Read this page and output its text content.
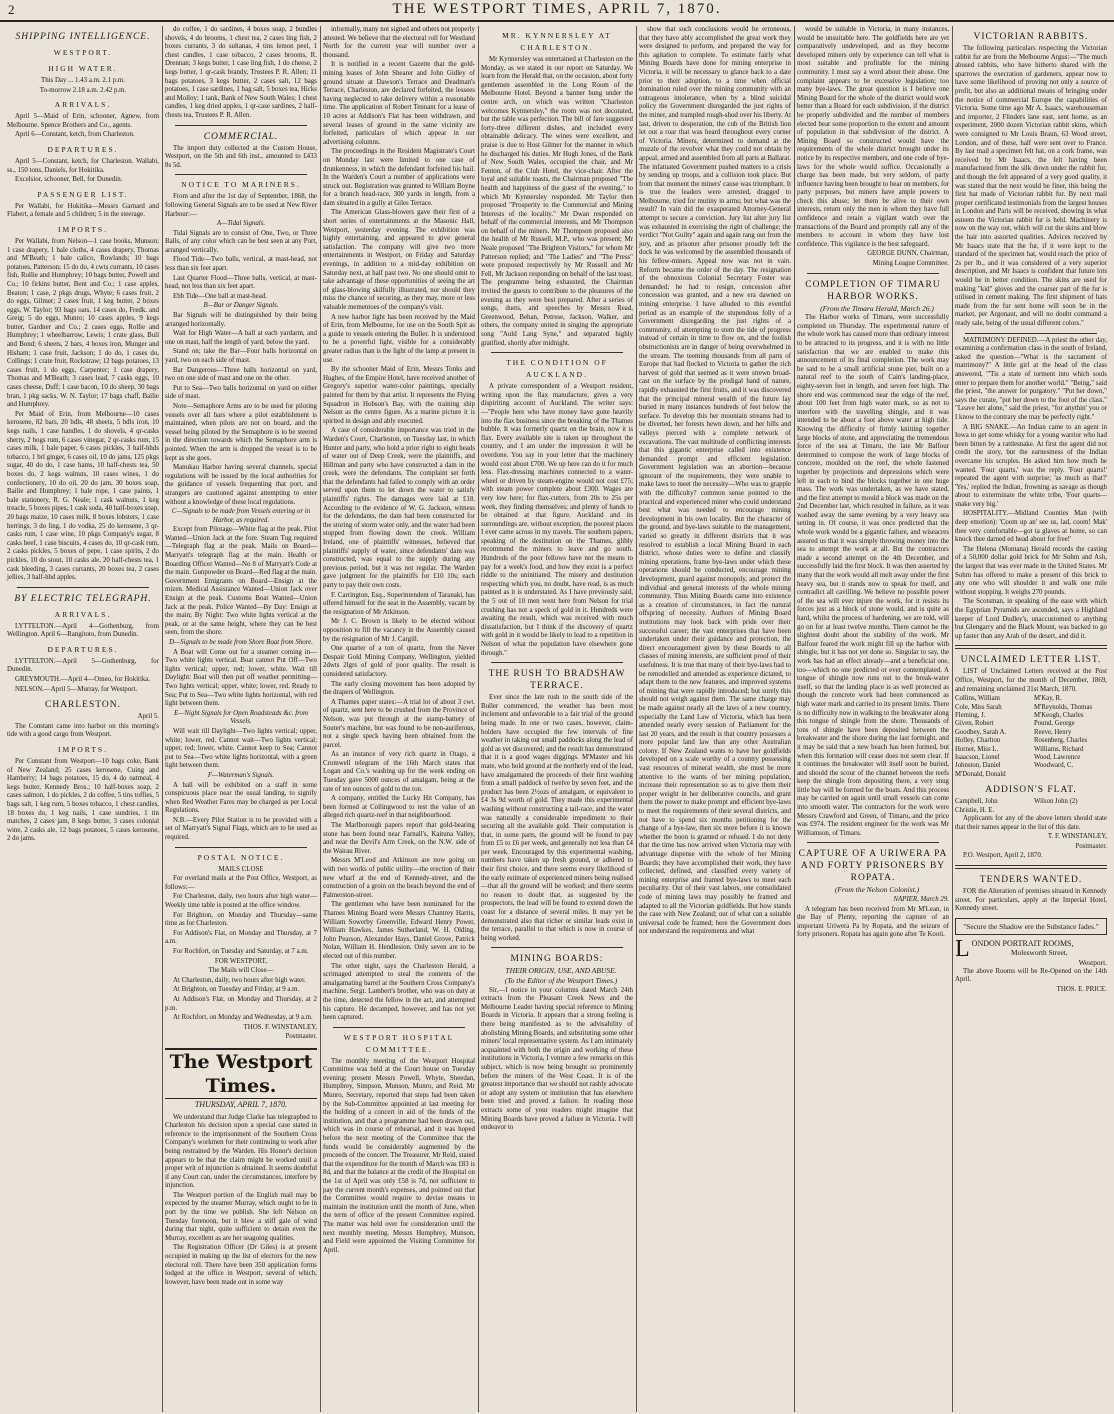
2	THE WESTPORT TIMES, APRIL 7, 1870.
SHIPPING INTELLIGENCE.
WESTPORT.
HIGH WATER.

This Day ... 1.43 a.m. 2.1 p.m.

To-morrow 2.18 a.m. 2.42 p.m.

ARRIVALS.

April 5—Maid of Erin, schooner, Agnew, from Melbourne. Spence Brothers and Co., agents.

April 6—Constant, ketch, from Charleston.

DEPARTURES.

April 5—Constant, ketch, for Charleston. Wallabi, ss., 150 tons, Daniels, for Hokitika.

Excelsior, schooner, Bell, for Dunedin.

PASSENGER LIST.

Per Wallabi, for Hokitika—Messrs Garnard and Flabert, a female and 5 children; 5 in the steerage.

IMPORTS.

Per Wallabi, from Nelson—1 case books, Munson; 1 case drapery, 1 bale cloths, 4 cases drapery, Thomas and M'Beath; 1 bale calico, Rowlands; 10 bags potatoes, Patterson; 15 do do, 4 cwts currants, 10 cases fish, Rollie and Humphrey; 10 bags butter, Powell and Co.; 10 firkins butter, Bent and Co.; 1 case apples, Beaton; 1 case, 2 pkgs drugs, Whyte; 6 cases fruit, 2 do eggs, Gilmer; 2 cases fruit, 1 keg butter, 2 boxes eggs, W. Taylor; 93 bags oats, 14 cases do, Fredk. and Greig; 5 do eggs, Munro; 10 cases apples, 9 kegs butter, Gardner and Co.; 2 cases eggs, Rollie and Humphrey; 1 wheelbarrow, Lewis; 1 crate glass, Bull and Bond; 6 sheets, 2 bars, 4 boxes iron, Munger and Hisham; 1 case fruit, Jackson; 1 do do, 1 cases do, Collings; 1 crate fruit, Rockstraw; 12 bags potatoes, 13 cases fruit, 1 do eggs, Carpenter; 1 case drapery, Thomas and M'Beath; 3 cases lead, 7 casks eggs, 10 cases cheese, Duff; 1 case bacon, 10 do sheep, 30 bags bran, 1 pkg sacks, W. N. Taylor; 17 bags chaff, Bailie and Humphrey.

Per Maid of Erin, from Melbourne—10 cases kerosene, 82 bars, 20 bdls, 48 sheets, 5 bdls iron, 10 kegs nails, 1 case handles, 1 do shovels, 4 qr-casks sherry, 2 hogs rum, 6 cases vinegar, 2 qr-casks rum, 15 cases milk, 1 bale paper, 6 cases pickles, 3 half-hhds tobacco, 1 brl ginger, 6 cases oil, 10 do jams, 125 pkgs sugar, 40 do do, 1 case hams, 10 half-chests tea, 50 boxes do, 2 kegs walnuts, 10 cases wines, 1 do confectionery, 10 do oil, 20 do jam, 30 boxes soap, Bailie and Humphrey; 1 bale rope, 1 case paints, 1 bale stationery, R. G. Neale; 1 cask walnuts, 1 keg treacle, 5 boxes pipes, 1 cask soda, 40 half-boxes soap, 20 bags maize, 10 cases milk, 8 boxes lobsters, 1 case herrings, 3 do ling, 1 do vodka, 25 do kerosene, 3 qr-casks rum, 1 case wine, 10 pkgs Company's sugar, 8 casks beef, 1 case biscuits, 4 cases do, 10 qr-cask rum, 2 casks pickles, 5 boxes of pepe, 1 case spirits, 2 do pickles, 10 do stout, 10 casks ale, 20 half-chests tea, 1 cask bleeding, 3 cases currants, 20 boxes tea, 2 cases jellies, 3 half-hhd apples.

BY ELECTRIC TELEGRAPH.
ARRIVALS.

LYTTELTON.—April 4—Gothenburg, from Wellington. April 6—Rangitoto, from Dunedin.

DEPARTURES.

LYTTELTON.—April 5—Gothenburg, for Dunedin.

GREYMOUTH.—April 4—Omeo, for Hokitika.

NELSON.—April 5—Murray, for Westport.

CHARLESTON.

April 5.

The Constant came into harbor on this morning's tide with a good cargo from Westport.

IMPORTS.

Per Constant from Westport—10 bags coke, Bank of New Zealand; 25 cases kerosene, Cuing and Hamberry; 14 bags potatoes, 15 do, 4 do oatmeal, 4 kegs butter, Kennedy Bros.; 10 half-boxes soap, 2 cases salmon, 1 do pickles, 2 do coffee, 5 tins toffies, 5 bags salt, 1 keg rum, 5 boxes tobacco, 1 chest candles, 18 boxes do, 1 keg nails, 1 case sundries, 1 tin matches, 2 cases jam, 8 kegs butter, 3 cases colonial wine, 2 casks ale, 12 bags potatoes, 5 cases kerosene, 2 do jams.

do coffee, 1 do sardines, 4 boxes soap, 2 bundles shovels, 4 do brooms, 1 chest tea, 2 cases ling fish, 2 boxes currants, 3 do sultanas, 4 tins lemon peel, 1 chest candles, 1 case tobacco, 2 cases brooms, R. Drennan; 3 kegs butter, 1 case ling fish, 1 do cheese, 2 kegs butter, 1 qr-cask brandy, Trustees P. R. Allen; 11 bags potatoes, 3 kegs butter, 2 cases salt, 12 bags potatoes, 1 case sardines, 1 bag salt, 5 boxes tea, Hicks and Molloy; 1 tank, Bank of New South Wales; 1 chest candles, 1 keg dried apples, 1 qr-case sardines, 2 half-chests tea, Trustees P. R. Allen.

COMMERCIAL.

The import duty collected at the Custom House, Westport, on the 5th and 6th inst., amounted to £433 8s 5d.

NOTICE TO MARINERS.

From and after the 1st day of September, 1868, the following General Signals are to be used at New River Harbour:—

A—Tidal Signals.

Tidal Signals are to consist of One, Two, or Three Balls, of any color which can be best seen at any Port, arranged vertically.

Flood Tide—Two balls, vertical, at mast-head, not less than six feet apart.

Last Quarter Flood—Three balls, vertical, at mast-head, not less than six feet apart.

Ebb Tide—One ball at mast-head.

B—Bar or Danger Signals.

Bar Signals will be distinguished by their being arranged horizontally.

Wait for High Water—A ball at each yardarm, and one on mast, half the length of yard, below the yard.

Stand on; take the Bar—Four balls horizontal on yard, two on each side of mast.

Bar Dangerous—Three balls horizontal on yard, two on one side of mast and one on the other.

Put to Sea—Two balls horizontal on yard on either side of mast.

Note—Semaphore Arms are to be used for piloting vessels over all bars where a pilot establishment is maintained, when pilots are not on board, and the vessel being piloted by the Semaphore is to be steered in the direction towards which the Semaphore arm is pointed. When the arm is dropped the vessel is to be kept as she goes.

Manukau Harbor having several channels, special regulations will be issued by the local authorities for the guidance of vessels frequenting that port, and strangers are cautioned against attempting to enter without a knowledge of these local regulations.

C—Signals to be made from Vessels entering or in Harbor, as required.

Except from Pilotage—White flag at the peak. Pilot Wanted—Union Jack at the fore. Steam Tug required—Telegraph flag at the peak. Mails on Board—Marryatt's telegraph flag at the main. Health or Boarding Officer Wanted—No 8 of Marryatt's Code at the main. Gunpowder on Board—Red flag at the main. Government Emigrants on Board—Ensign at the mizen. Medical Assistance Wanted—Union Jack over Ensign at the peak. Customs Boat Wanted—Union Jack at the peak. Police Wanted—By Day: Ensign at the main; By Night: Two white lights vertical at the peak, or at the same height, where they can be best seen, from the shore.

D—Signals to be made from Shore Boat from Shore.

A Boat will Come out for a steamer coming in—Two white lights vertical. Boat cannot Put Off—Two lights vertical; upper, red; lower, white. Wait till Daylight: Boat will then put off weather permitting—Two lights vertical; upper, white; lower, red. Ready to Sea; Put to Sea—Two white lights horizontal, with red light between them.

E—Night Signals for Open Roadsteads &c. from Vessels.

Will wait till Daylight—Two lights vertical; upper, white; lower, red. Cannot wait—Two lights vertical; upper, red; lower, white. Cannot keep to Sea; Cannot put to Sea—Two white lights horizontal, with a green light between them.

F—Waterman's Signals.

A ball will be exhibited on a staff in some conspicuous place near the usual landing, to signify when Red Weather Fares may be charged as per Local Regulations.

N.B.—Every Pilot Station is to be provided with a set of Marryatt's Signal Flags, which are to be used as required.

POSTAL NOTICE.

MAILS CLOSE

For overland mails at the Post Office, Westport, as follows:—

For Charleston, daily, two hours after high water—Weekly time table is posted at the office window.

For Brighton, on Monday and Thursday—same time as for Charleston.

For Addison's Flat, on Monday and Thursday, at 7 a.m.

For Rochfort, on Tuesday and Saturday, at 7 a.m.

FOR WESTPORT,

The Mails will Close—

At Charleston, daily, two hours after high water.

At Brighton, on Tuesday and Friday, at 9 a.m.

At Addison's Flat, on Monday and Thursday, at 2 p.m.

At Rochfort, on Monday and Wednesday, at 9 a.m.

THOS. F. WINSTANLEY,

Postmaster.

The Westport Times.
THURSDAY, APRIL 7, 1870.

We understand that Judge Clarke has telegraphed to Charleston his decision upon a special case stated in reference to the imprisonment of the Southern Cross Company's workmen for their continuing to work after being restrained by the Warden. His Honor's decision appears to be that the claim might be worked until a proper writ of injunction is obtained. It seems doubtful if any Court can, under the circumstances, interfere by injunction.

The Westport portion of the English mail may be expected by the steamer Murray, which ought to be in port by the time we publish. She left Nelson on Tuesday forenoon, but it blew a stiff gale of wind during that night, quite sufficient to detain even the Murray, excellent as are her seagoing qualities.

The Registration Officer (Dr Giles) is at present occupied in making up the list of electors for the new electoral roll. There have been 350 application forms lodged at the office in Westport, several of which, however, have been made out in some way

informally, many not signed and others not properly attested. We believe that the electoral roll for Westland North for the current year will number over a thousand.

It is notified in a recent Gazette that the gold-mining leases of John Shearer and John Gidley of ground situate at Dawson's Terrace and Deadman's Terrace, Charleston, are declared forfeited, the lessees having neglected to take delivery within a reasonable time. The application of Robert Tennant for a lease of 10 acres at Addison's Flat has been withdrawn, and several leases of ground in the same vicinity are forfeited, particulars of which appear in our advertising columns.

The proceedings in the Resident Magistrate's Court on Monday last were limited to one case of drunkenness, in which the defendant forfeited his bail. In the Warden's Court a number of applications were struck out. Registration was granted to William Boyne for a branch head-race, 300 yards in length, from a dam situated in a gully at Giles Terrace.

The American Glass-blowers gave their first of a short series of entertainments at the Masonic Hall, Westport, yesterday evening. The exhibition was highly entertaining, and appeared to give general satisfaction. The company will give two more entertainments in Westport, on Friday and Saturday evenings, in addition to a mid-day exhibition on Saturday next, at half past two. No one should omit to take advantage of these opportunities of seeing the art of glass-blowing skilfully illustrated, nor should they miss the chance of securing, as they may, more or less valuable mementoes of the company's visit.

A new harbor light has been received by the Maid of Erin, from Melbourne, for use on the South Spit as a guide to vessels entering the Buller. It is understood to be a powerful light, visible for a considerably greater radius than is the light of the lamp at present in use.

By the schooner Maid of Erin, Messrs Tonks and Hughes, of the Empire Hotel, have received another of Gregory's superior water-color paintings, specially painted for them by that artist. It represents the Flying Squadron in Hobson's Bay, with the training ship Nelson as the centre figure. As a marine picture it is spirited in design and ably executed.

A case of considerable importance was tried in the Warden's Court, Charleston, on Tuesday last, in which Hunter and party, who hold a prior right to eight heads of water out of Deep Creek, were the plaintiffs, and Hillman and party who have constructed a dam in the creek, were the defendants. The complaint set forth that the defendants had failed to comply with an order served upon them to let down the water to satisfy plaintiffs' rights. The damages were laid at £18. According to the evidence of W. G. Jackson, witness for the defendants, the dam had been constructed for the storing of storm water only, and the water had been stopped from flowing down the creek. William Ireland, one of plaintiffs' witnesses, believed that plaintiffs' supply of water, since defendants' dam was constructed, was equal to the supply during any previous period, but it was not regular. The Warden gave judgment for the plaintiffs for £10 10s; each party to pay their own costs.

F. Carrington, Esq., Superintendent of Taranaki, has offered himself for the seat in the Assembly, vacant by the resignation of Mr Atkinson.

Mr J. C. Brown is likely to be elected without opposition to fill the vacancy in the Assembly caused by the resignation of Mr J. Cargill.

One quarter of a ton of quartz, from the Never Despair Gold Mining Company, Wellington, yielded 2dwts 2lgrs of gold of poor quality. The result is considered satisfactory.

The early closing movement has been adopted by the drapers of Wellington.

A Thames paper states:—A trial lot of about 3 cwt. of quartz, sent here to be crushed from the Province of Nelson, was put through at the stamp-battery of Souter's machine, but was found to be non-auriferous, not a single speck having been obtained from the parcel.

As an instance of very rich quartz in Otago, a Cromwell telegram of the 16th March states that Logan and Co.'s washing up for the week ending on Tuesday gave 5000 ounces of amalgam, being at the rate of ten ounces of gold to the ton.

A company, entitled the Lucky Hit Company, has been formed at Collingwood to test the value of an alleged rich quartz-reef in that neighbourhood.

The Marlborough papers report that gold-bearing stone has been found near Farnall's, Kaituna Valley, and near the Devil's Arm Creek, on the N.W. side of the Wairau River.

Messrs M'Leod and Atkinson are now going on with two works of public utility—the erection of their new wharf at the end of Kennedy-street, and the construction of a groin on the beach beyond the end of Palmerston-street.

The gentlemen who have been nominated for the Thames Mining Board were Messrs Chantrey Harris, William Sowerby Greenville, Edward Henry Power, William Hawkes, James Sutherland, W. H. Olding, John Pearson, Alexander Hays, Daniel Grove, Patrick Nolan, William H. Hendlesion. Only seven are to be elected out of this number.

The other night, says the Charleston Herald, a scrimaged attempted to steal the contents of the amalgamating barrel at the Southern Cross Company's machine. Sergt. Lambert's brother, who was on duty at the time, detected the fellow in the act, and attempted his capture. He decamped, however, and has not yet been captured.

WESTPORT HOSPITAL COMMITTEE.

The monthly meeting of the Westport Hospital Committee was held at the Court house on Tuesday evening; present Messrs Powell, Whyte, Sheedan, Humphrey, Simpson, Munson, Munro, and Reid. Mr Munro, Secretary, reported that steps had been taken by the Sub-Committee appointed at last meeting for the holding of a concert in aid of the funds of the institution, and that a programme had been drawn out, which was in course of rehearsal, and it was hoped before the next meeting of the Committee that the funds would be considerably augmented by the proceeds of the concert. The Treasurer, Mr Reid, stated that the expenditure for the month of March was £83 is 8d, and that the balance at the credit of the Hospital on the 1st of April was only £58 is 7d, not sufficient to pay the current month's expenses, and pointed out that the Committee would require to devise means to maintain the institution until the month of June, when the term of office of the present Committee expired. The matter was held over for consideration until the next monthly meeting. Messrs Humphrey, Munson, and Field were appointed the Visiting Committee for April.

MR. KYNNERSLEY AT CHARLESTON.

Mr Kynnersley was entertained at Charleston on the Monday, as we stated in our report on Saturday. We learn from the Herald that, on the occasion, about forty gentlemen assembled in the Long Room of the Melbourne Hotel. Beyond a banner hung under the centre arch, on which was written "Charleston welcomes Kynnersley," the room was not decorated, but the table was perfection. The bill of fare suggested forty-three different dishes, and included every obtainable delicacy. The wines were excellent, and praise is due to Host Gilmer for the manner in which he discharged his duties. Mr Hugh Jones, of the Bank of New South Wales, occupied the chair, and Mr Fenton, of the Club Hotel, the vice-chair. After the loyal and suitable toasts, the Chairman proposed "The health and happiness of the guest of the evening," to which Mr Kynnersley responded. Mr Taylor then proposed "Prosperity to the Commercial and Mining Interests of the locality." Mr Dwan responded on behalf of the commercial interests, and Mr Thompson on behalf of the miners. Mr Thompson proposed also the health of Mr Russell, M.P., who was present; Mr Neale proposed "The Brighton Visitors," for whom Mr Patterson replied; and "The Ladies" and "The Press" were proposed respectively by Mr Russell and Mr Fell, Mr Jackson responding on behalf of the last toast. The programme being exhausted, the Chairman invited the guests to contribute to the pleasures of the evening as they were best prepared. After a series of songs, duets, and speeches by Messrs Read, Greenwood, Behan, Petrese, Jackson, Walker, and others, the company united in singing the appropriate song "Auld Lang Syne," and separated highly gratified, shortly after midnight.

THE CONDITION OF AUCKLAND.

A private correspondent of a Westport resident, writing upon the flax manufacture, gives a very dispiriting account of Auckland. The writer says:—"People here who have money have gone heavily into the flax business since the breaking of the Thames bubble. It was formerly quartz on the brain, now it is flax. Every available site is taken up throughout the country, and I am under the impression it will be overdone. You say in your letter that the machinery would cost about £700. We up here can do it for much less. Flax-dressing machines connected to a water-wheel or driven by steam-engine would not cost £75; with steam power complete about £300. Wages are very low here; for flax-cutters, from 20s to 25s per week, they finding themselves; and plenty of hands to be obtained at that figure. Auckland and its surroundings are, without exception, the poorest places I ever came across in my travels. The southern papers, speaking of the destitution on the Thames, glibly recommend the miners to leave and go south. Hundreds of the poor fellows have not the means to pay for a week's food, and how they exist is a perfect riddle to the uninitiated. The misery and destitution respecting which you, no doubt, have read, is as much painted as it is understated. As I have previously said, the 5 out of 10 men went here from Nelson for trial crushing has not a speck of gold in it. Hundreds were awaiting the result, which was received with much dissatisfaction, but I think if the discovery of quartz with gold in it would be likely to lead to a repetition in Nelson of what the population have elsewhere gone through."

THE RUSH TO BRADSHAW TERRACE.

Ever since the late rush to the south side of the Buller commenced, the weather has been most inclement and unfavorable to a fair trial of the ground being made. In one or two cases, however, claim-holders have occupied the few intervals of fine weather in taking out small paddocks along the lead of gold as yet discovered; and the result has demonstrated that it is a good wages diggings. M'Master and his mate, who hold ground at the northerly end of the lead, have amalgamated the proceeds of their first washing from a small paddock of twelve by seven feet, and the product has been 2½ozs of amalgam, or equivalent to £4 3s 9d worth of gold. They made this experimental washing without constructing a tail-race, and the water was naturally a considerable impediment to their securing all the available gold. Their computation is that, in some parts, the ground will be found to pay from £5 to £6 per week, and generally not less than £4 per week. Encouraged by this experimental washing, numbers have taken up fresh ground, or adhered to their first choice, and there seems every likelihood of the early estimate of experienced miners being realised—that all the ground will be worked; and there seems no reason to doubt that, as suggested by the prospectors, the lead will be found to extend down the coast for a distance of several miles. It may yet be demonstrated also that richer or similar leads exist in the terrace, parallel to that which is now in course of being worked.

MINING BOARDS:

THEIR ORIGIN, USE, AND ABUSE.

(To the Editor of the Westport Times.)

Sir,—I notice in your columns dated March 24th extracts from the Pleasant Creek News and the Melbourne Leader having special reference to Mining Boards in Victoria. It appears that a strong feeling is there being manifested as to the advisability of abolishing Mining Boards, and substituting some other miners' local representative system. As I am intimately acquainted with both the origin and working of these institutions in Victoria, I venture a few remarks on this subject, which is now being brought so prominently before the miners of the West Coast. It is of the greatest importance that we should not rashly advocate or adopt any system or institution that has elsewhere been tried and proved a failure. In reading those extracts some of your readers might imagine that Mining Boards have proved a failure in Victoria. I will endeavor to

show that such conclusions would be erroneous, that they have ably accomplished the great work they were designed to perform, and prepared the way for this agitation to complete. To estimate fairly what Mining Boards have done for mining enterprise in Victoria, it will be necessary to glance back to a date prior to their adoption, to a time when official domination ruled over the mining community with an outrageous intolerance, when by a blind suicidal policy the Government disregarded the just rights of the miner, and trampled rough-shod over his liberty. At last, driven to desperation, the cub of the British lion let out a roar that was heard throughout every corner of Victoria. Miners, determined to demand at the muzzle of the revolver what they could not obtain by appeal, armed and assembled from all parts at Ballarat. The infatuated Government pushed matters to a crisis by sending up troops, and a collision took place. But from that moment the miners' cause was triumphant. It is true the leaders were arrested, dragged to Melbourne, tried for mutiny in arms; but what was the result? In vain did the exasperated Attorney-General attempt to secure a conviction. Jury list after jury list was exhausted in exercising the right of challenge; the verdict "Not Guilty" again and again rang out from the jury, and as prisoner after prisoner proudly left the dock he was welcomed by the assembled thousands of his fellow-miners. Appeal now was not in vain. Reform became the order of the day. The resignation of the obnoxious Colonial Secretary Foster was demanded; he had to resign, concession after concession was granted, and a new era dawned on mining enterprise. I have alluded to this eventful period as an example of the stupendous folly of a Government disregarding the just rights of a community, of attempting to stem the tide of progress instead of certain in time to flow on, and the foolish obstructionists are in danger of being overwhelmed in the stream. The teeming thousands from all parts of Europe that had flocked to Victoria to gather the rich harvest of gold that seemed as it were strewn broad-cast on the surface by the prodigal hand of nature, rapidly exhausted the first fruits, and it was discovered that the principal mineral wealth of the future lay buried in many instances hundreds of feet below the surface. To develop this her mountain streams had to be diverted, her forests hewn down, and her hills and valleys pierced with a complete network of excavations. The vast multitude of conflicting interests that this gigantic enterprise called into existence demanded prompt and efficient legislation. Government legislation was an abortion—because ignorant of the requirements, they were unable to make laws to meet the necessity—Who was to grapple with the difficulty? common sense pointed to the practical and experienced miner who could understand best what was needed to encourage mining development in his own locality. But the character of the ground, and bye-laws suitable to the management, varied so greatly in different districts that it was resolved to establish a local Mining Board in each district, whose duties were to define and classify mining operations, frame bye-laws under which these operations should be conducted, encourage mining development, guard against monopoly, and protect the individual and general interests of the whole mining community. Thus Mining Boards came into existence as a creation of circumstances, in fact the natural offspring of necessity. Authors of Mining Board institutions may look back with pride over their successful career; the vast enterprises that have been undertaken under their guidance and protection, the direct encouragement given by these Boards to all classes of mining interests, are sufficient proof of their usefulness. It is true that many of their bye-laws had to be remodelled and amended as experience dictated, to adapt them to the new features, and improved systems of mining that were rapidly introduced; but surely this should not weigh against them. The same charge may be made against nearly all the laws of a new country, especially the Land Law of Victoria, which has been amended nearly every session of Parliament for the last 20 years, and the result is that country possesses a more popular land law than any other Australian colony. If New Zealand wants to have her goldfields developed on a scale worthy of a country possessing vast resources of mineral wealth, she must be more attentive to the wants of her mining population, increase their representation so as to give them their proper weight in her deliberative councils, and grant them the power to make prompt and efficient bye-laws to meet the requirements of their several districts, and not have to spend six months petitioning for the change of a bye-law, then six more before it is known whether the boon is granted or refused. I do not deny that the time has now arrived when Victoria may with advantage dispense with the whole of her Mining Boards; they have accomplished their work, they have collected, defined, and classified every variety of mining enterprise and framed bye-laws to meet each peculiarity. Out of their vast labors, one consolidated code of mining laws may possibly be framed and adapted to all the Victorian goldfields. But how stands the case with New Zealand; out of what can a suitable universal code be framed; here the Government does not understand the requirements and what

would be suitable in Victoria, in many instances, would be unsuitable here. The goldfields here are yet comparatively undeveloped, and as they become developed miners only by experience can tell what is most suitable and profitable for the mining community. I must say a word about their abuse. One complaint appears to be excessive legislation; too many bye-laws. The great question is I believe one Mining Board for the whole of the district would work better than a Board for each subdivision, if the district be properly subdivided and the number of members elected bear some proportion to the extent and amount of population in that subdivision of the district. A Mining Board so constructed would have the requirements of the whole district brought under its notice by its respective members, and one code of bye-laws for the whole would suffice. Occasionally a charge has been made, but very seldom, of party influence having been brought to bear on members, for party purposes, but miners have ample powers to check this abuse; let them be alive to their own interests, return only the men in whom they have full confidence and retain a vigilant watch over the transactions of the Board and promptly call any of the members to account in whom they have lost confidence. This vigilance is the best safeguard.

GEORGE DUNN, Chairman,

Mining League Committee.

COMPLETION OF TIMARU HARBOR WORKS.

(From the Timaru Herald, March 26.)

The Harbor works of Timaru, were successfully completed on Thursday. The experimental nature of the whole work has caused more than ordinary interest to be attracted to its progress, and it is with no little satisfaction that we are enabled to make this announcement of its final completion. The work may be said to be a small artificial stone pier, built on a natural reef to the south of Cain's landing-place, eighty-seven feet in length, and seven feet high. The shore end was commenced near the edge of the reef, about 100 feet from high water mark, so as not to interfere with the travelling shingle, and it was intended to be about a foot above water at high tide. Knowing the difficulty of firmly knitting together large blocks of stone, and appreciating the tremendous force of the sea at Timaru, the late Mr Balfour determined to compose the work of large blocks of concrete, moulded on the reef, the whole fastened together by projections and depressions which were left in each to bind the blocks together in one huge mass. The work was undertaken, as we have stated, and the first attempt to mould a block was made on the 2nd December last, which resulted in failure, as it was washed away the same evening by a very heavy sea setting in. Of course, it was once predicted that the whole work would be a gigantic failure, and wiseacres assured us that it was simply throwing money into the sea to attempt the work at all. But the contractors made a second attempt on the 4th December, and successfully laid the first block. It was then asserted by many that the work would all melt away under the first heavy sea, but it stands now to speak for itself, and contradict all cavilling. We believe no possible power of the sea will ever injure the work, for it resists its forces just as a block of stone would, and is quite as hard, whilst the process of hardening, we are told, will go on for at least twelve months. There cannot be the slightest doubt about the stability of the work. Mr Balfour feared the work might fill up the harbor with shingle, but it has not yet done so. Singular to say, the work has had an effect already—and a beneficial one, too—which no one predicted or ever contemplated. A tongue of shingle now runs out to the break-water itself, so that the landing place is as well protected as though the concrete work had been commenced as high water mark and carried to its present limits. There is no difficulty now in walking to the breakwater along this tongue of shingle from the shore. Thousands of tons of shingle have been deposited between the breakwater and the shore during the last fortnight, and it may be said that a new beach has been formed, but when this formation will cease does not seem clear. If it continues the breakwater will itself soon be buried, and should the scour of the channel between the reefs keep the shingle from depositing there, a very snug little bay will be formed for the boats. And this process may be carried on again until small vessels can come into smooth water. The contractors for the work were Messrs Crawford and Green, of Timaru, and the price was £974. The resident engineer for the work was Mr Williamson, of Timaru.

CAPTURE OF A URIWERA PA AND FORTY PRISONERS BY ROPATA.

(From the Nelson Colonist.)

NAPIER, March 29.

A telegram has been received from Mr M'Lean, in the Bay of Plenty, reporting the capture of an important Uriwera Pa by Ropata, and the seizure of forty prisoners. Ropata has again gone after Te Kooti.

VICTORIAN RABBITS.

The following particulars respecting the Victorian rabbit fur are from the Melbourne Argus:—"The much abused rabbits, who have hitherto shared with the sparrows the execration of gardeners, appear now to have some likelihood of proving not only a source of profit, but also an additional means of bringing under the notice of commercial Europe the capabilities of Victoria. Some time ago Mr A. Isaacs, warehouseman and importer, 2 Flinders lane east, sent home, as an experiment, 2000 dozen Victorian rabbit skins, which were consigned to Mr Louis Braun, 63 Wood street, London, and of these, half were sent over to France. By last mail a specimen felt hat, on a cork frame, was received by Mr Isaacs, the felt having been manufactured from the silk down under the rabbit fur, and though the felt appeared of a very good quality, it was stated that the next would be finer, this being the first hat made of Victorian rabbit fur. By next mail proper certificated testimonials from the largest houses in London and Paris will be received, showing in what esteem the Victorian rabbit fur is held. Machinery is now on the way out, which will cut the skins and blow the hair into assorted qualities. Advices received by Mr Isaacs state that the fur, if it were kept to the standard of the specimen hat, would reach the price of 2s per lb., and it was considered of a very superior description, and Mr Isaacs is confident that future lots would be in better condition. The skins are used for making "kid" gloves and the coarser part of the fur is utilised in cement making. The first shipment of hats made from the fur sent home will soon be in the market, per Argonaut, and will no doubt command a ready sale, being of the usual different colors."

MATRIMONY DEFINED.—A priest the other day, examining a confirmation class in the south of Ireland, asked the question—"What is the sacrament of matrimony?" A little girl at the head of the class answered, "'Tis a state of torment into which souls enter to prepare them for another world." "Being," said the priest, "the answer for purgatory." "Put her down," says the curate, "put her down to the foot of the class." "Leave her alone," said the priest, "for anythin' you or I know to the contrary she may be perfectly right."

A BIG SNAKE.—An Indian came to an agent in Iowa to get some whisky for a young warrior who had been bitten by a rattlesnake. At first the agent did not credit the story, but the earnestness of the Indian overcame his scruples. He asked him how much he wanted. 'Four quarts,' was the reply. 'Four quarts!' repeated the agent with surprise; 'as much as that?' 'Yes,' replied the Indian, frowning as savage as though about to exterminate the white tribe, 'Four quarts—snake very big.'

HOSPITALITY.—Midland Counties Man (with deep emotion): 'Coom up an' see us, lad, coom! Mak' thee very comfortable—got ta glaves at home, so can knock thee darned ed head about for free!'

The Helena (Montana) Herald records the casting of a 50,000 dollar gold brick for Mr Sohm and Ash, the largest that was ever made in the United States. Mr Sohm has offered to make a present of this brick to any one who will shoulder it and walk one mile without stopping. It weighs 270 pounds.

The Scotsman, in speaking of the ease with which the Egyptian Pyramids are ascended, says a Highland keeper of Lord Dudley's, unaccustomed to anything but Glengarry and the Black Mount, was backed to go up faster than any Arab of the desert, and did it.

UNCLAIMED LETTER LIST.

LIST of Unclaimed Letters received at the Post Office, Westport, for the month of December, 1869, and remaining unclaimed 31st March, 1870.

Collins, William
Cole, Miss Sarah
Fleming, J.
Given, Robert
Goodbey, Sarah A.
Holley, Charlton
Horner, Miss L.
Isaacson, Lionel
Johnston, Daniel
M'Donald, Donald
M'Kay, R.
M'Reynolds, Thomas
M'Keogh, Charles
Pound, George
Reeve, Henry
Rosenberg, Charles
Williams, Richard
Wood, Lawrence
Woodward, C.
ADDISON'S FLAT.
Campbell, John
Christie, H. E.
Wilson John (2)

Applicants for any of the above letters should state that their names appear in the list of this date.

T. F. WINSTANLEY,

Postmaster.

P.O. Westport, April 2, 1870.

TENDERS WANTED.

FOR the Alteration of premises situated in Kennedy street. For particulars, apply at the Imperial Hotel, Kennedy street.

"Secure the Shadow ere the Substance fades."
L ONDON PORTRAIT ROOMS,
Molesworth Street,
Westport.

The above Rooms will be Re-Opened on the 14th April.

THOS. E. PRICE.
